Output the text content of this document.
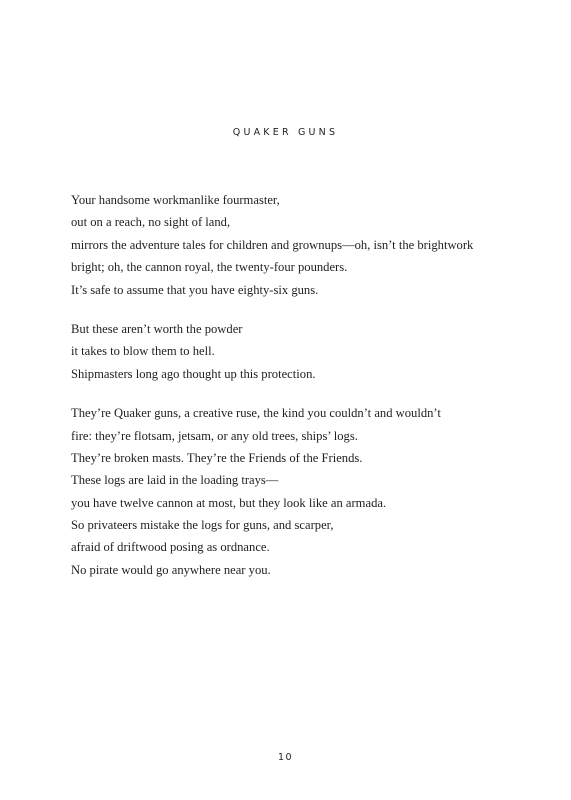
QUAKER GUNS
Your handsome workmanlike fourmaster,
out on a reach, no sight of land,
mirrors the adventure tales for children and grownups—oh, isn’t the brightwork
bright; oh, the cannon royal, the twenty-four pounders.
It’s safe to assume that you have eighty-six guns.
But these aren’t worth the powder
it takes to blow them to hell.
Shipmasters long ago thought up this protection.
They’re Quaker guns, a creative ruse, the kind you couldn’t and wouldn’t
fire: they’re flotsam, jetsam, or any old trees, ships’ logs.
They’re broken masts. They’re the Friends of the Friends.
These logs are laid in the loading trays—
you have twelve cannon at most, but they look like an armada.
So privateers mistake the logs for guns, and scarper,
afraid of driftwood posing as ordnance.
No pirate would go anywhere near you.
10
